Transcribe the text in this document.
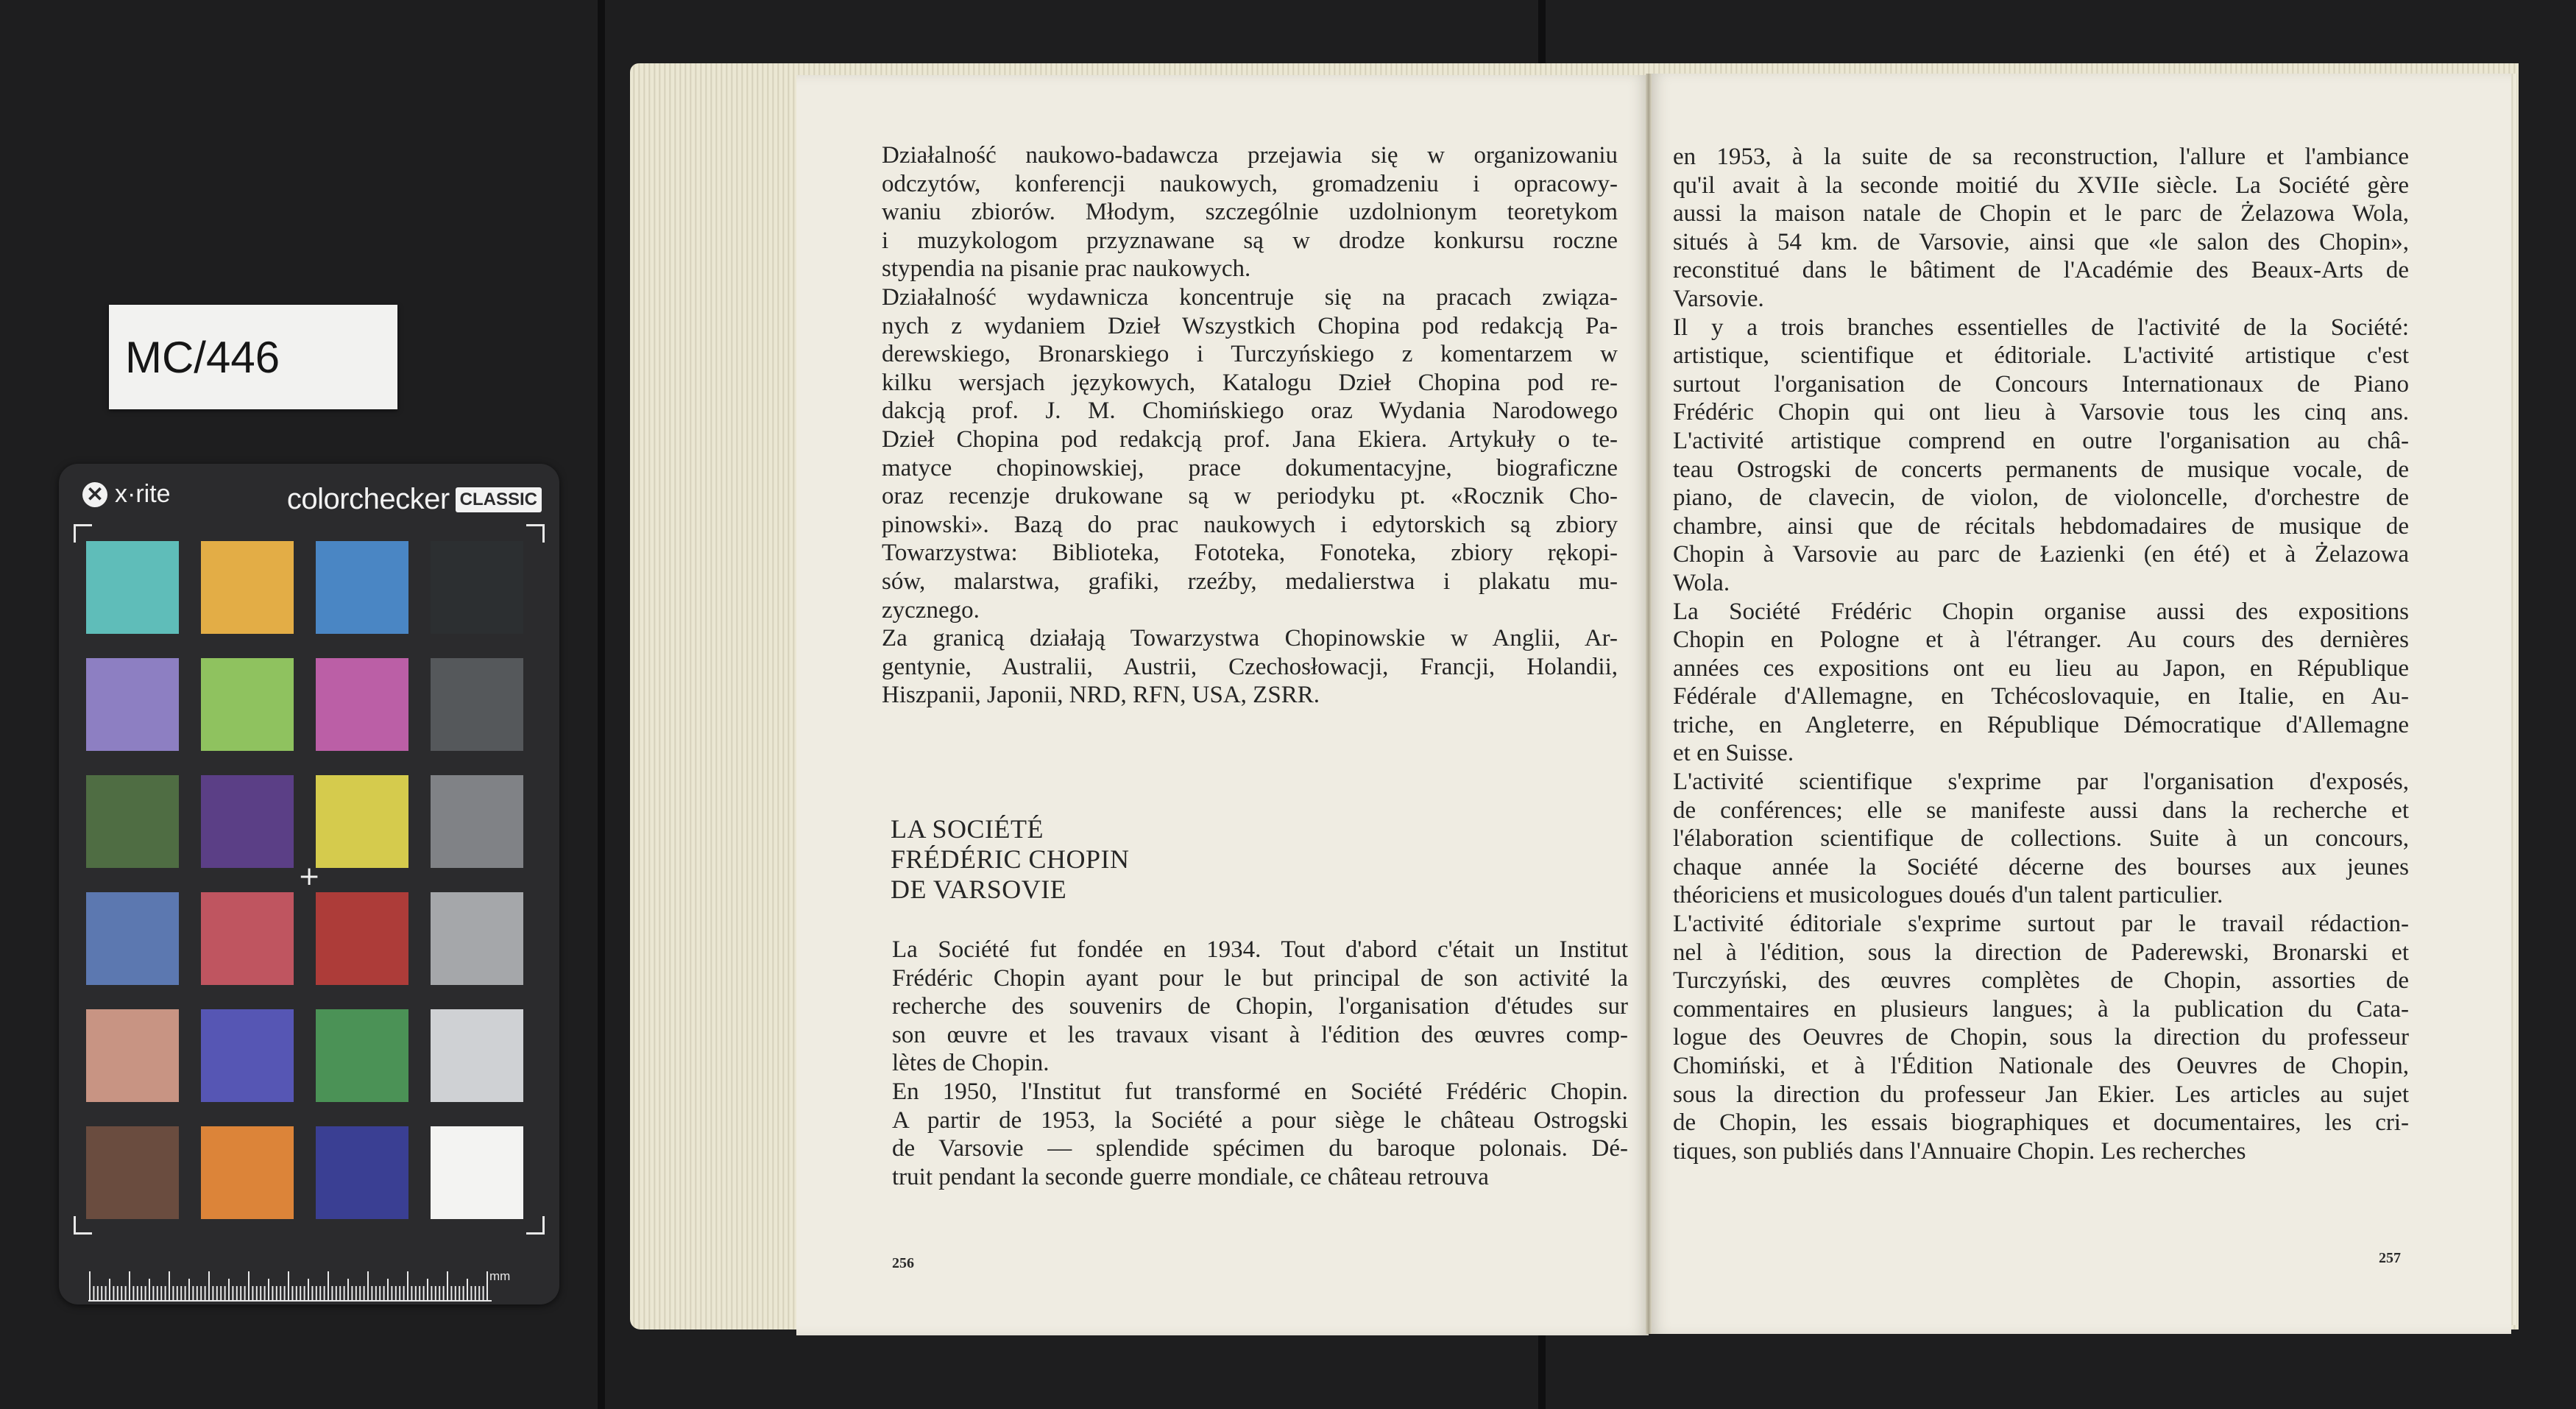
MC/446
✕ x·rite	colorchecker CLASSIC
+
mm
Działalność naukowo-badawcza przejawia się w organizowaniu
odczytów, konferencji naukowych, gromadzeniu i opracowy-
waniu zbiorów. Młodym, szczególnie uzdolnionym teoretykom
i muzykologom przyznawane są w drodze konkursu roczne
stypendia na pisanie prac naukowych.
Działalność wydawnicza koncentruje się na pracach związa-
nych z wydaniem Dzieł Wszystkich Chopina pod redakcją Pa-
derewskiego, Bronarskiego i Turczyńskiego z komentarzem w
kilku wersjach językowych, Katalogu Dzieł Chopina pod re-
dakcją prof. J. M. Chomińskiego oraz Wydania Narodowego
Dzieł Chopina pod redakcją prof. Jana Ekiera. Artykuły o te-
matyce chopinowskiej, prace dokumentacyjne, biograficzne
oraz recenzje drukowane są w periodyku pt. «Rocznik Cho-
pinowski». Bazą do prac naukowych i edytorskich są zbiory
Towarzystwa: Biblioteka, Fototeka, Fonoteka, zbiory rękopi-
sów, malarstwa, grafiki, rzeźby, medalierstwa i plakatu mu-
zycznego.
Za granicą działają Towarzystwa Chopinowskie w Anglii, Ar-
gentynie, Australii, Austrii, Czechosłowacji, Francji, Holandii,
Hiszpanii, Japonii, NRD, RFN, USA, ZSRR.
LA SOCIÉTÉ
FRÉDÉRIC CHOPIN
DE VARSOVIE
La Société fut fondée en 1934. Tout d'abord c'était un Institut
Frédéric Chopin ayant pour le but principal de son activité la
recherche des souvenirs de Chopin, l'organisation d'études sur
son œuvre et les travaux visant à l'édition des œuvres comp-
lètes de Chopin.
En 1950, l'Institut fut transformé en Société Frédéric Chopin.
A partir de 1953, la Société a pour siège le château Ostrogski
de Varsovie — splendide spécimen du baroque polonais. Dé-
truit pendant la seconde guerre mondiale, ce château retrouva
256
en 1953, à la suite de sa reconstruction, l'allure et l'ambiance
qu'il avait à la seconde moitié du XVIIe siècle. La Société gère
aussi la maison natale de Chopin et le parc de Żelazowa Wola,
situés à 54 km. de Varsovie, ainsi que «le salon des Chopin»,
reconstitué dans le bâtiment de l'Académie des Beaux-Arts de
Varsovie.
Il y a trois branches essentielles de l'activité de la Société:
artistique, scientifique et éditoriale. L'activité artistique c'est
surtout l'organisation de Concours Internationaux de Piano
Frédéric Chopin qui ont lieu à Varsovie tous les cinq ans.
L'activité artistique comprend en outre l'organisation au châ-
teau Ostrogski de concerts permanents de musique vocale, de
piano, de clavecin, de violon, de violoncelle, d'orchestre de
chambre, ainsi que de récitals hebdomadaires de musique de
Chopin à Varsovie au parc de Łazienki (en été) et à Żelazowa
Wola.
La Société Frédéric Chopin organise aussi des expositions
Chopin en Pologne et à l'étranger. Au cours des dernières
années ces expositions ont eu lieu au Japon, en République
Fédérale d'Allemagne, en Tchécoslovaquie, en Italie, en Au-
triche, en Angleterre, en République Démocratique d'Allemagne
et en Suisse.
L'activité scientifique s'exprime par l'organisation d'exposés,
de conférences; elle se manifeste aussi dans la recherche et
l'élaboration scientifique de collections. Suite à un concours,
chaque année la Société décerne des bourses aux jeunes
théoriciens et musicologues doués d'un talent particulier.
L'activité éditoriale s'exprime surtout par le travail rédaction-
nel à l'édition, sous la direction de Paderewski, Bronarski et
Turczyński, des œuvres complètes de Chopin, assorties de
commentaires en plusieurs langues; à la publication du Cata-
logue des Oeuvres de Chopin, sous la direction du professeur
Chomiński, et à l'Édition Nationale des Oeuvres de Chopin,
sous la direction du professeur Jan Ekier. Les articles au sujet
de Chopin, les essais biographiques et documentaires, les cri-
tiques, son publiés dans l'Annuaire Chopin. Les recherches
257
